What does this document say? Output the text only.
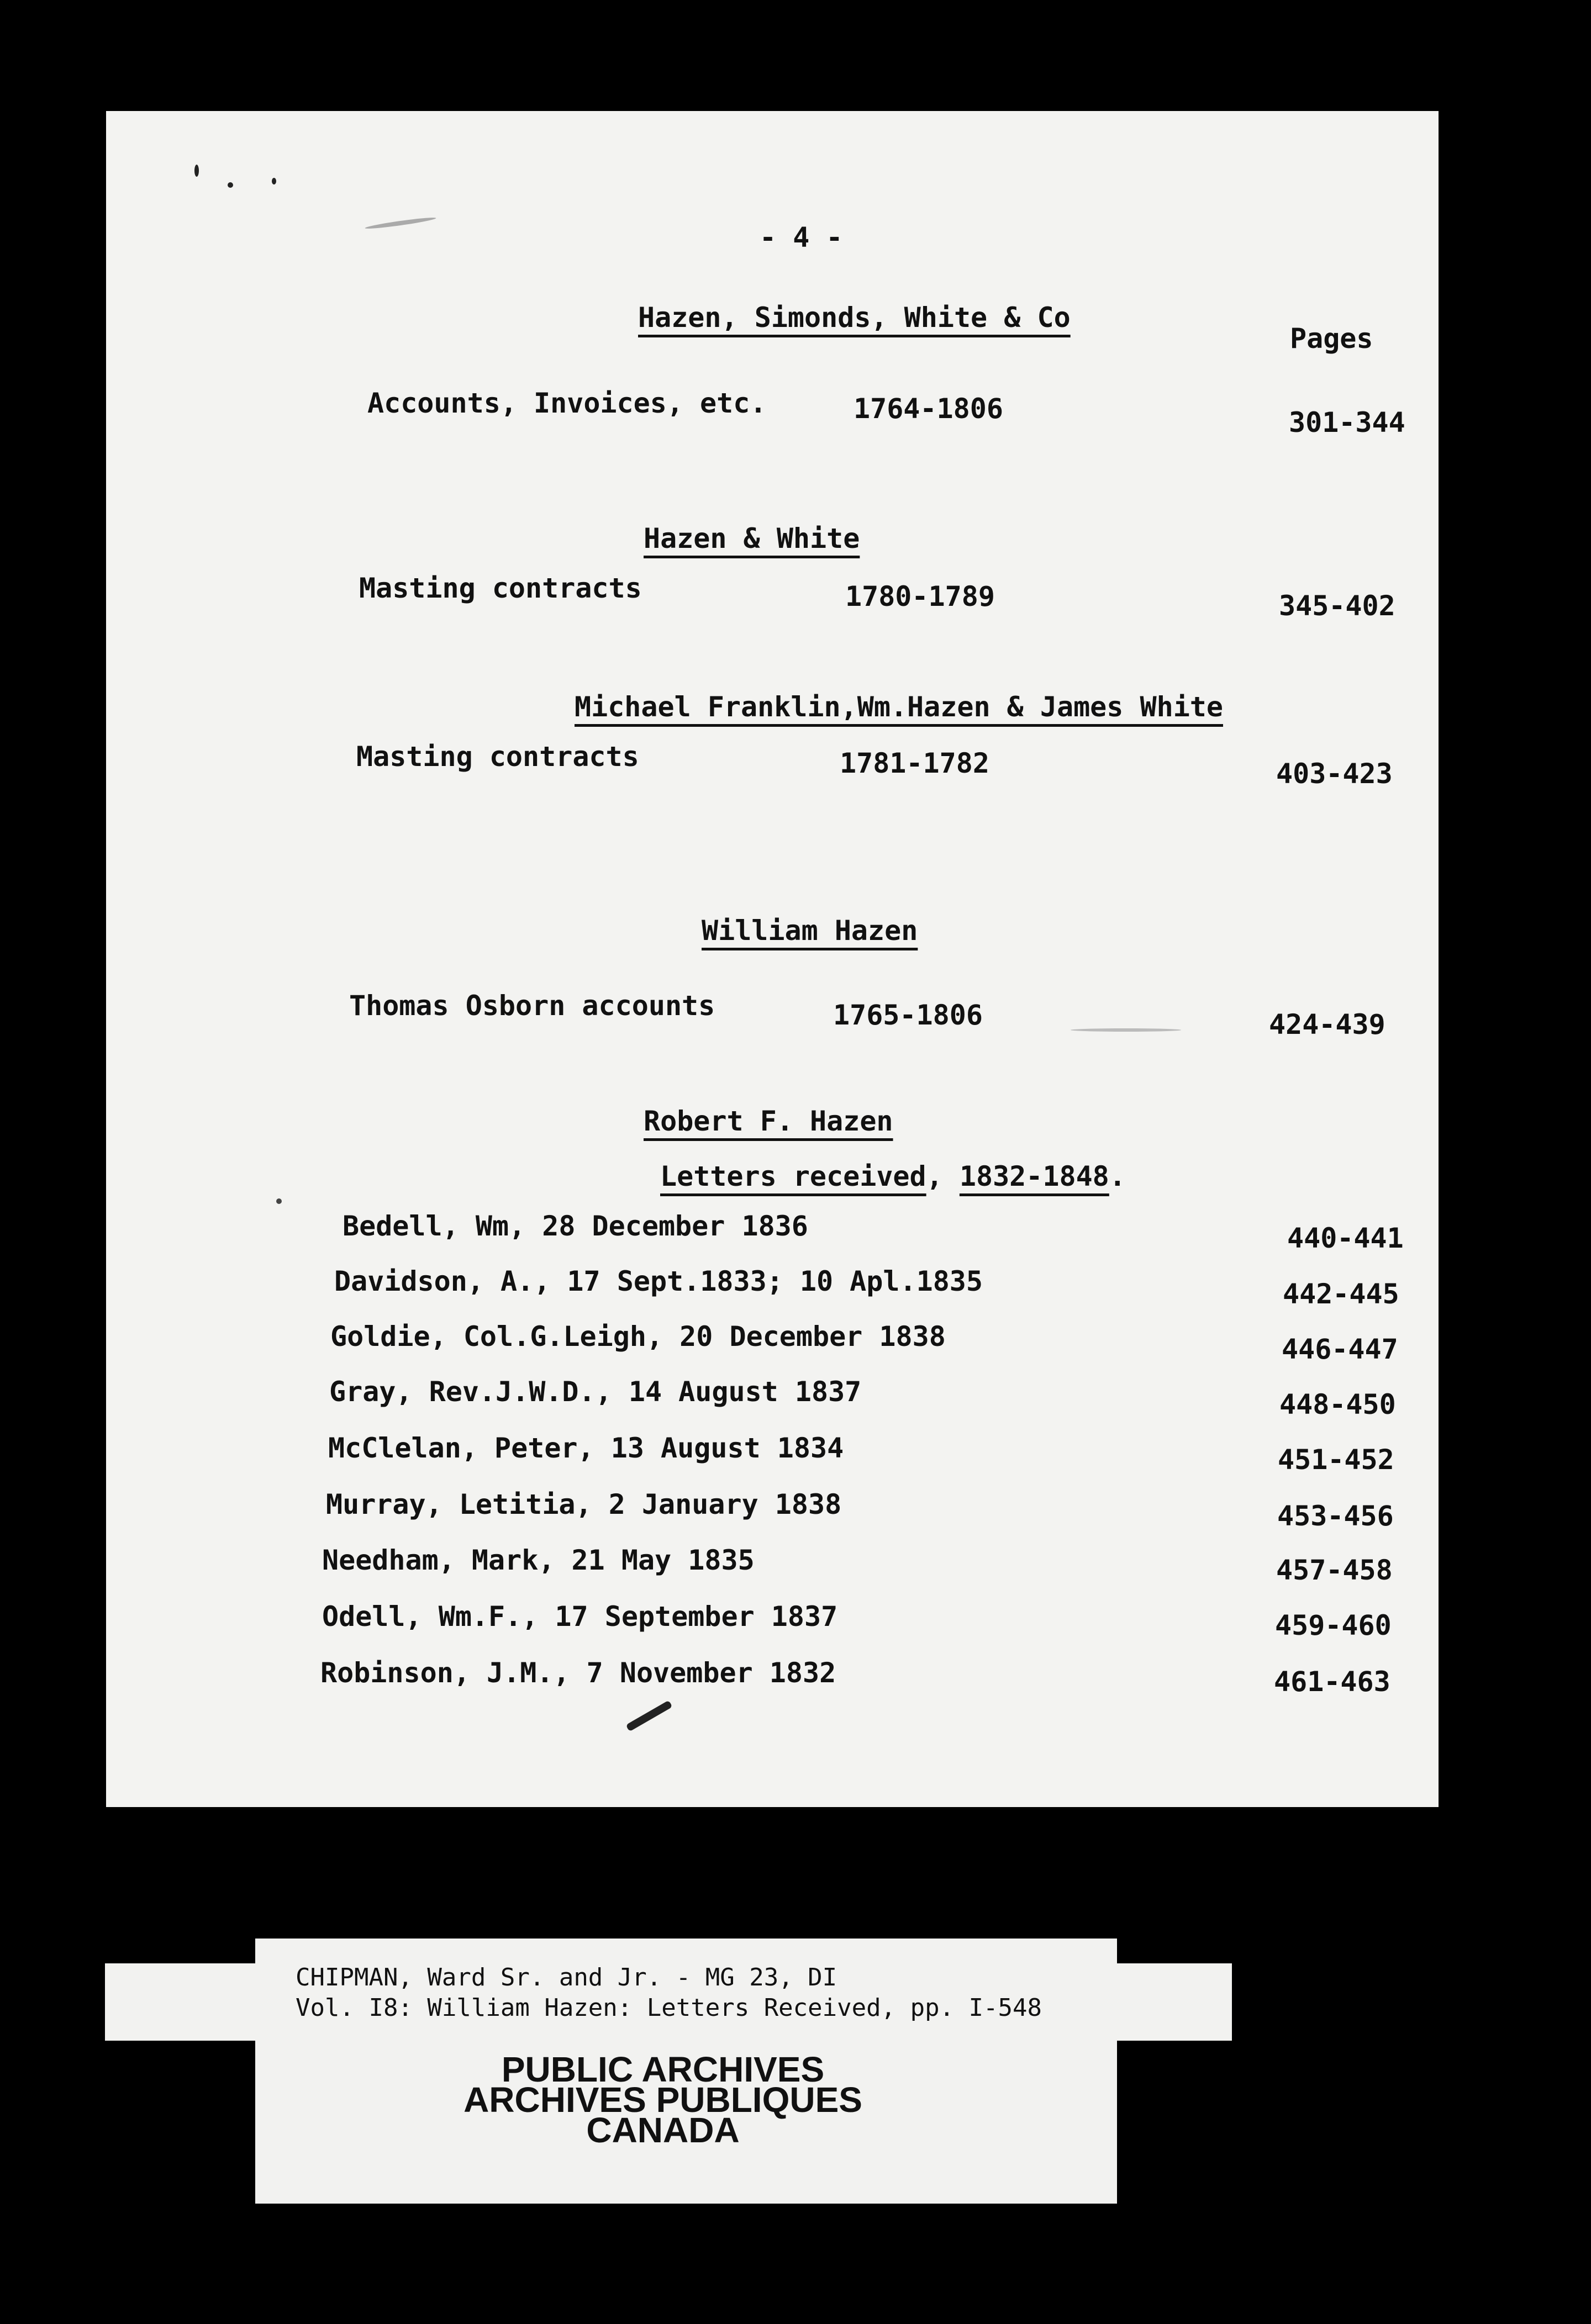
- 4 -
Pages
Hazen, Simonds, White & Co
Accounts, Invoices, etc.	1764-1806	301-344
Hazen & White
Masting contracts	1780-1789	345-402
Michael Franklin,Wm.Hazen & James White
Masting contracts	1781-1782	403-423
William Hazen
Thomas Osborn accounts	1765-1806	424-439
Robert F. Hazen
Letters received, 1832-1848.
Bedell, Wm, 28 December 1836	440-441
Davidson, A., 17 Sept.1833; 10 Apl.1835	442-445
Goldie, Col.G.Leigh, 20 December 1838	446-447
Gray, Rev.J.W.D., 14 August 1837	448-450
McClelan, Peter, 13 August 1834	451-452
Murray, Letitia, 2 January 1838	453-456
Needham, Mark, 21 May 1835	457-458
Odell, Wm.F., 17 September 1837	459-460
Robinson, J.M., 7 November 1832	461-463
CHIPMAN, Ward Sr. and Jr. - MG 23, DI
Vol. I8: William Hazen: Letters Received, pp. I-548
PUBLIC ARCHIVES
ARCHIVES PUBLIQUES
CANADA
